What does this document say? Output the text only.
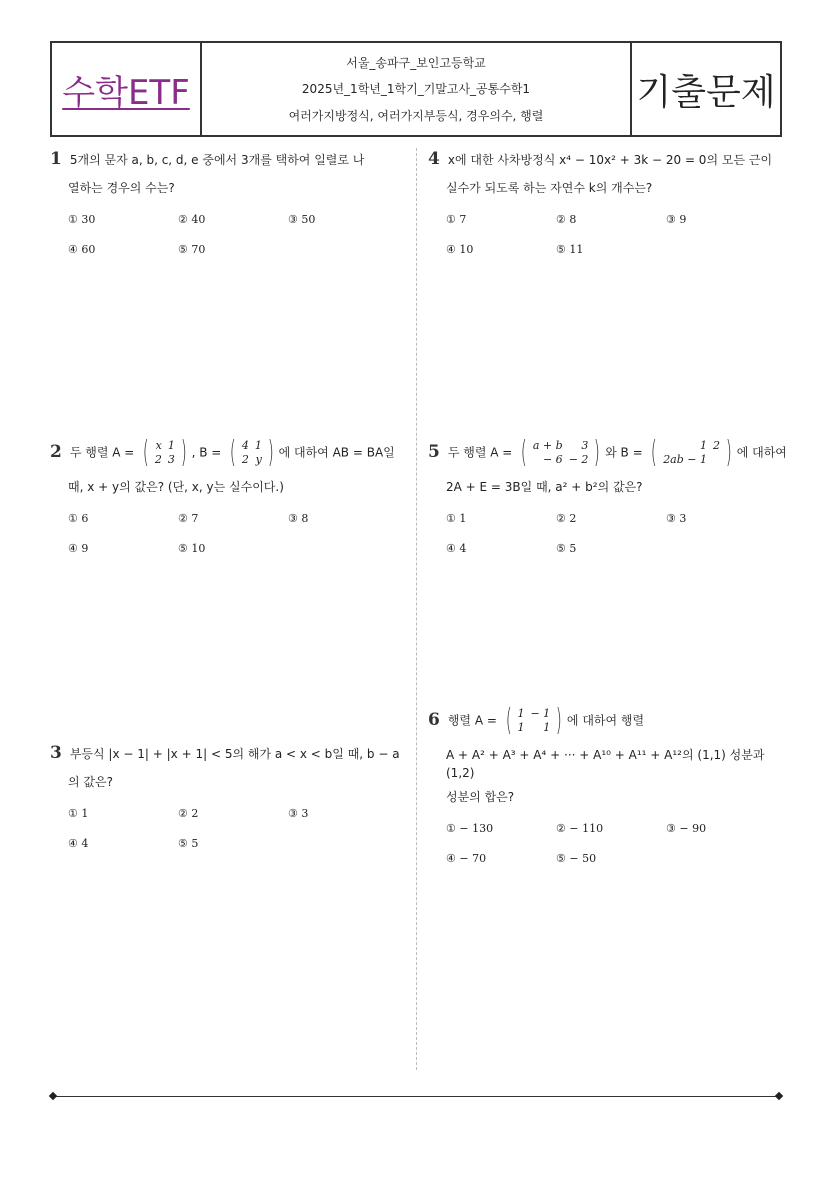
수학ETF
서울_송파구_보인고등학교
2025년_1학년_1학기_기말고사_공통수학1
여러가지방정식, 여러가지부등식, 경우의수, 행렬
기출문제
1 5개의 문자 a, b, c, d, e 중에서 3개를 택하여 일렬로 나
열하는 경우의 수는?
① 30	② 40	③ 50
④ 60	⑤ 70
2 두 행렬 A = ( x	1
2	3 ) , B = ( 4	1
2	y ) 에 대하여 AB = BA일
때, x + y의 값은? (단, x, y는 실수이다.)
① 6	② 7	③ 8
④ 9	⑤ 10
3 부등식 |x − 1| + |x + 1| < 5의 해가 a < x < b일 때, b − a
의 값은?
① 1	② 2	③ 3
④ 4	⑤ 5
4 x에 대한 사차방정식 x⁴ − 10x² + 3k − 20 = 0의 모든 근이
실수가 되도록 하는 자연수 k의 개수는?
① 7	② 8	③ 9
④ 10	⑤ 11
5 두 행렬 A = ( a + b	3
− 6	− 2 ) 와 B = (	1	2
2ab − 1	) 에 대하여
2A + E = 3B일 때, a² + b²의 값은?
① 1	② 2	③ 3
④ 4	⑤ 5
6 행렬 A = ( 1	− 1
1	1 ) 에 대하여 행렬
A + A² + A³ + A⁴ + ··· + A¹⁰ + A¹¹ + A¹²의 (1,1) 성분과 (1,2)
성분의 합은?
① − 130	② − 110	③ − 90
④ − 70	⑤ − 50
